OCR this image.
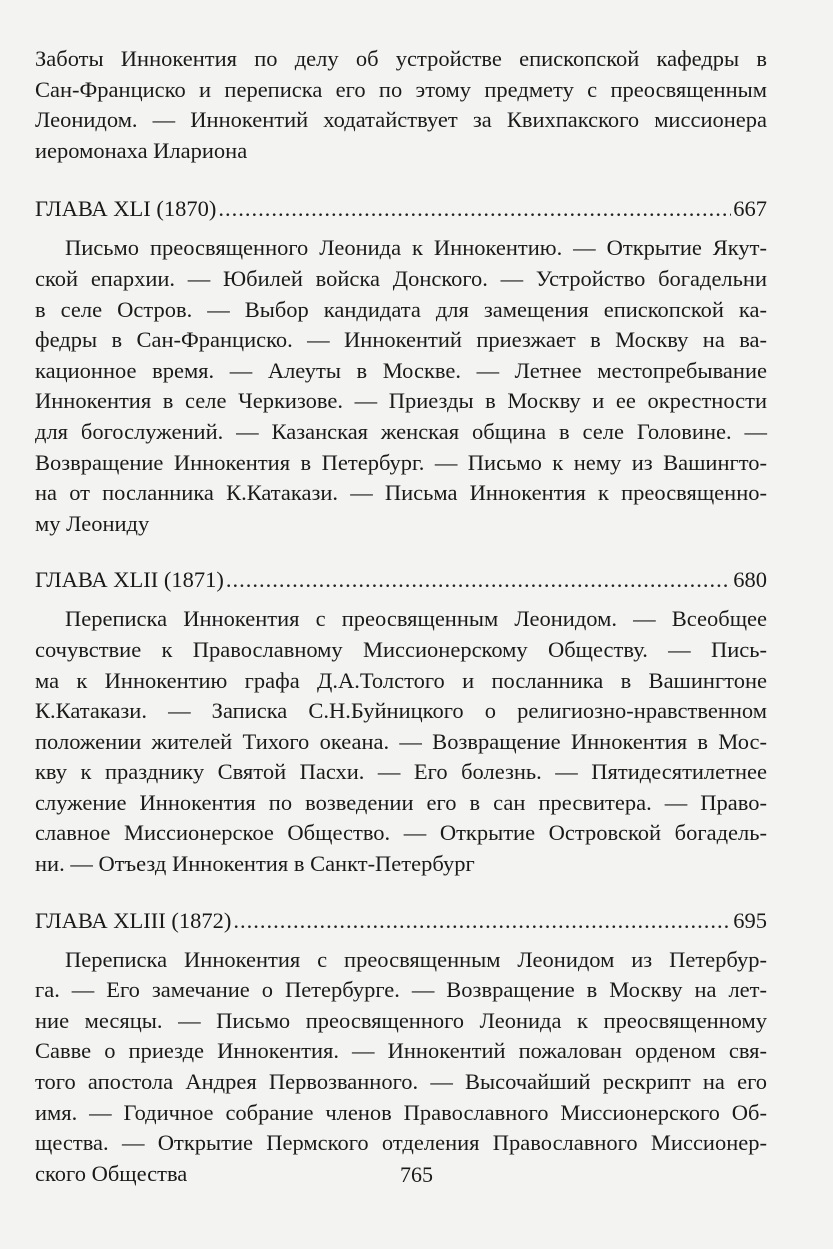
Заботы Иннокентия по делу об устройстве епископской кафедры в
Сан-Франциско и переписка его по этому предмету с преосвященным
Леонидом. — Иннокентий ходатайствует за Квихпакского миссионера
иеромонаха Илариона
ГЛАВА XLI (1870) .....	667
Письмо преосвященного Леонида к Иннокентию. — Открытие Якут-
ской епархии. — Юбилей войска Донского. — Устройство богадельни
в селе Остров. — Выбор кандидата для замещения епископской ка-
федры в Сан-Франциско. — Иннокентий приезжает в Москву на ва-
кационное время. — Алеуты в Москве. — Летнее местопребывание
Иннокентия в селе Черкизове. — Приезды в Москву и ее окрестности
для богослужений. — Казанская женская община в селе Головине. —
Возвращение Иннокентия в Петербург. — Письмо к нему из Вашингто-
на от посланника К.Катакази. — Письма Иннокентия к преосвященно-
му Леониду
ГЛАВА XLII (1871) .....	680
Переписка Иннокентия с преосвященным Леонидом. — Всеобщее
сочувствие к Православному Миссионерскому Обществу. — Пись-
ма к Иннокентию графа Д.А.Толстого и посланника в Вашингтоне
К.Катакази. — Записка С.Н.Буйницкого о религиозно-нравственном
положении жителей Тихого океана. — Возвращение Иннокентия в Мос-
кву к празднику Святой Пасхи. — Его болезнь. — Пятидесятилетнее
служение Иннокентия по возведении его в сан пресвитера. — Право-
славное Миссионерское Общество. — Открытие Островской богадель-
ни. — Отъезд Иннокентия в Санкт-Петербург
ГЛАВА XLIII (1872) .....	695
Переписка Иннокентия с преосвященным Леонидом из Петербур-
га. — Его замечание о Петербурге. — Возвращение в Москву на лет-
ние месяцы. — Письмо преосвященного Леонида к преосвященному
Савве о приезде Иннокентия. — Иннокентий пожалован орденом свя-
того апостола Андрея Первозванного. — Высочайший рескрипт на его
имя. — Годичное собрание членов Православного Миссионерского Об-
щества. — Открытие Пермского отделения Православного Миссионер-
ского Общества	765
